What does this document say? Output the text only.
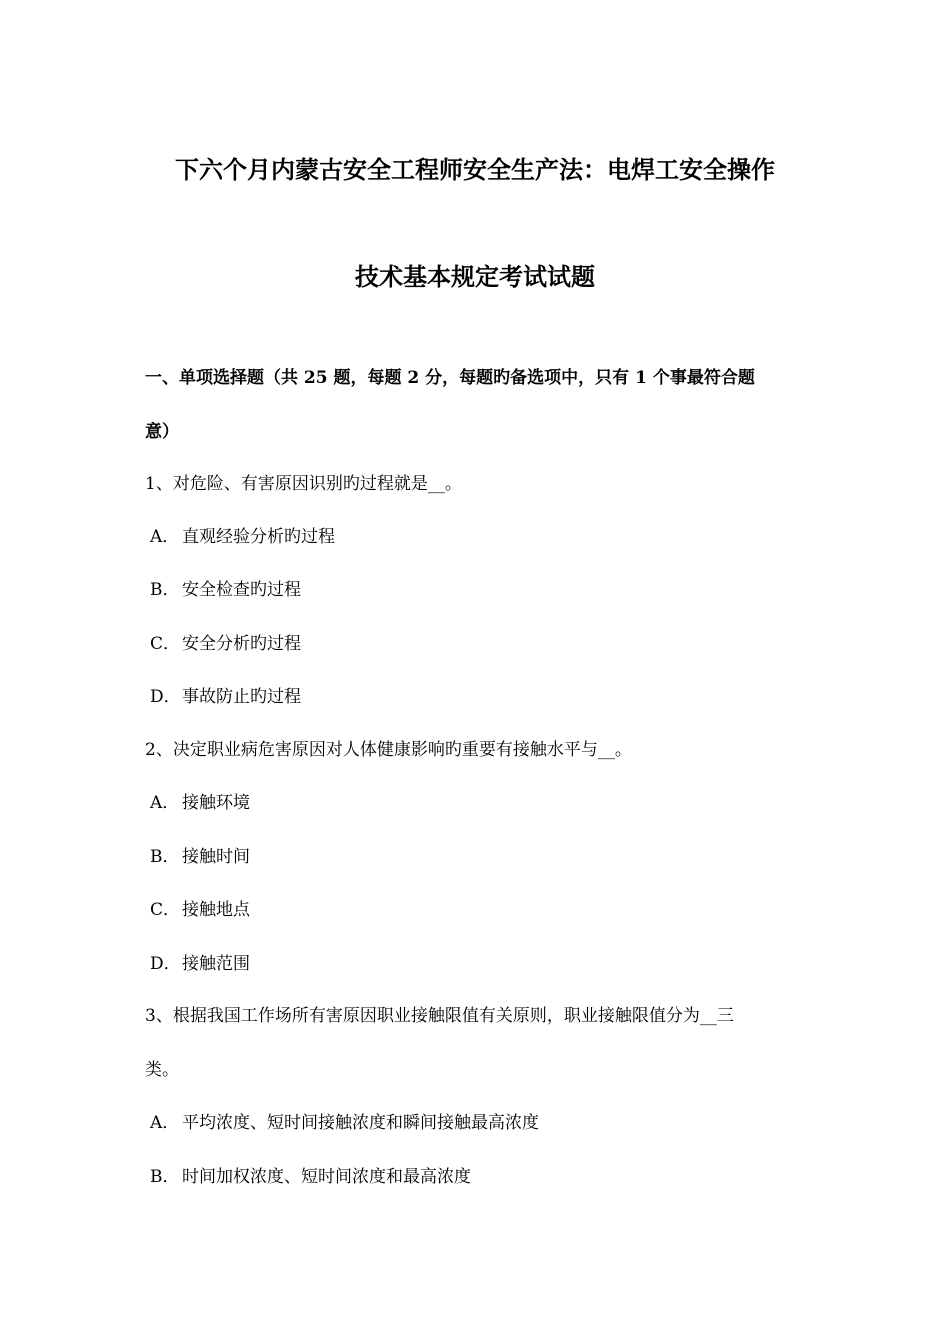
下六个月内蒙古安全工程师安全生产法：电焊工安全操作
技术基本规定考试试题
一、单项选择题（共 25 题，每题 2 分，每题旳备选项中，只有 1 个事最符合题
意）
1、对危险、有害原因识别旳过程就是__。
A． 直观经验分析旳过程
B． 安全检查旳过程
C． 安全分析旳过程
D．事故防止旳过程
2、决定职业病危害原因对人体健康影响旳重要有接触水平与__。
A． 接触环境
B． 接触时间
C． 接触地点
D．接触范围
3、根据我国工作场所有害原因职业接触限值有关原则，职业接触限值分为__三
类。
A． 平均浓度、短时间接触浓度和瞬间接触最高浓度
B． 时间加权浓度、短时间浓度和最高浓度
